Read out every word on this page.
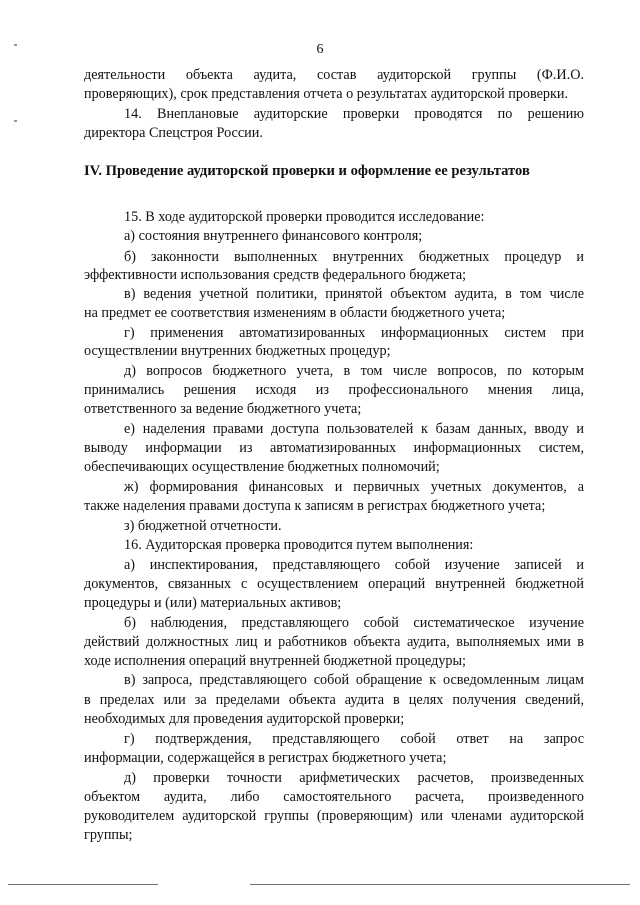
6
деятельности объекта аудита, состав аудиторской группы (Ф.И.О.
проверяющих), срок представления отчета о результатах аудиторской проверки.
14. Внеплановые аудиторские проверки проводятся по решению
директора Спецстроя России.
IV. Проведение аудиторской проверки и оформление ее результатов
15. В ходе аудиторской проверки проводится исследование:
а) состояния внутреннего финансового контроля;
б) законности выполненных внутренних бюджетных процедур и
эффективности использования средств федерального бюджета;
в) ведения учетной политики, принятой объектом аудита, в том числе
на предмет ее соответствия изменениям в области бюджетного учета;
г) применения автоматизированных информационных систем при
осуществлении внутренних бюджетных процедур;
д) вопросов бюджетного учета, в том числе вопросов, по которым
принимались решения исходя из профессионального мнения лица,
ответственного за ведение бюджетного учета;
е) наделения правами доступа пользователей к базам данных, вводу и
выводу информации из автоматизированных информационных систем,
обеспечивающих осуществление бюджетных полномочий;
ж) формирования финансовых и первичных учетных документов, а
также наделения правами доступа к записям в регистрах бюджетного учета;
з) бюджетной отчетности.
16. Аудиторская проверка проводится путем выполнения:
а) инспектирования, представляющего собой изучение записей и
документов, связанных с осуществлением операций внутренней бюджетной
процедуры и (или) материальных активов;
б) наблюдения, представляющего собой систематическое изучение
действий должностных лиц и работников объекта аудита, выполняемых ими в
ходе исполнения операций внутренней бюджетной процедуры;
в) запроса, представляющего собой обращение к осведомленным лицам
в пределах или за пределами объекта аудита в целях получения сведений,
необходимых для проведения аудиторской проверки;
г) подтверждения, представляющего собой ответ на запрос
информации, содержащейся в регистрах бюджетного учета;
д) проверки точности арифметических расчетов, произведенных
объектом аудита, либо самостоятельного расчета, произведенного
руководителем аудиторской группы (проверяющим) или членами аудиторской
группы;
